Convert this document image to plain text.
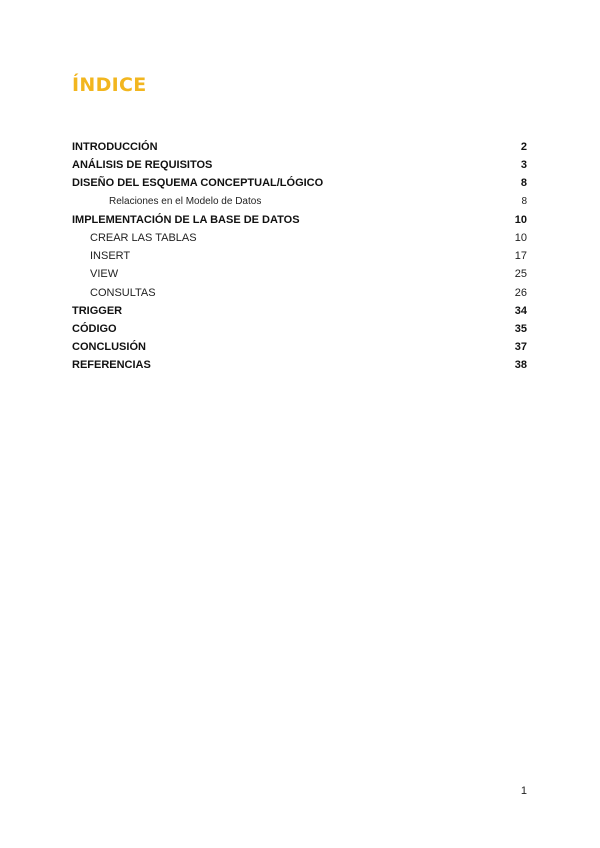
ÍNDICE
INTRODUCCIÓN	2
ANÁLISIS DE REQUISITOS	3
DISEÑO DEL ESQUEMA CONCEPTUAL/LÓGICO	8
Relaciones en el Modelo de Datos	8
IMPLEMENTACIÓN DE LA BASE DE DATOS	10
CREAR LAS TABLAS	10
INSERT	17
VIEW	25
CONSULTAS	26
TRIGGER	34
CÓDIGO	35
CONCLUSIÓN	37
REFERENCIAS	38
1
